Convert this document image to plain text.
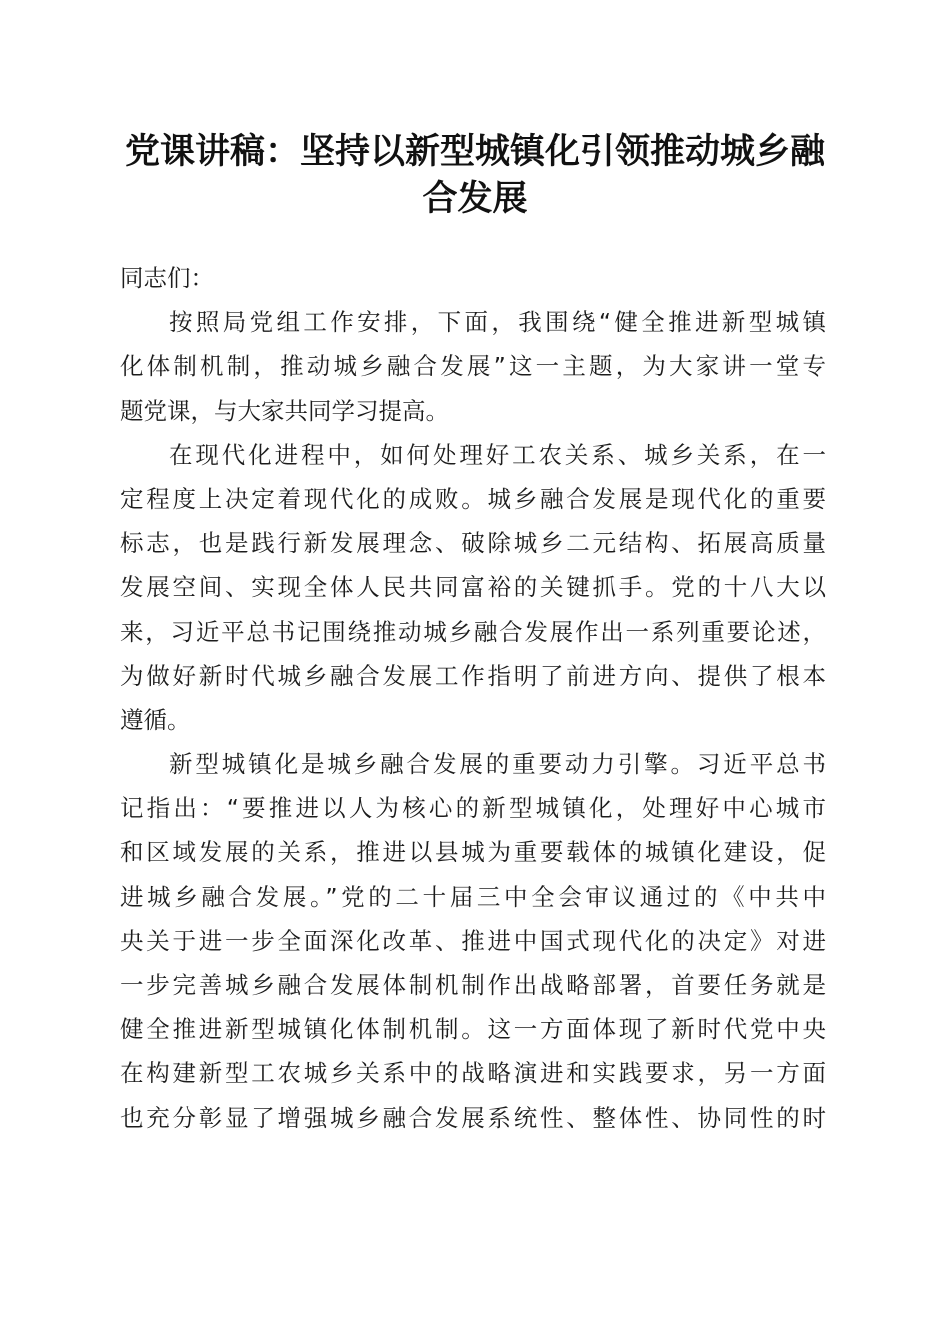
党课讲稿：坚持以新型城镇化引领推动城乡融
合发展

同志们：

按照局党组工作安排，下面，我围绕“健全推进新型城镇
化体制机制，推动城乡融合发展”这一主题，为大家讲一堂专
题党课，与大家共同学习提高。

在现代化进程中，如何处理好工农关系、城乡关系，在一
定程度上决定着现代化的成败。城乡融合发展是现代化的重要
标志，也是践行新发展理念、破除城乡二元结构、拓展高质量
发展空间、实现全体人民共同富裕的关键抓手。党的十八大以
来，习近平总书记围绕推动城乡融合发展作出一系列重要论述，
为做好新时代城乡融合发展工作指明了前进方向、提供了根本
遵循。

新型城镇化是城乡融合发展的重要动力引擎。习近平总书
记指出：“要推进以人为核心的新型城镇化，处理好中心城市
和区域发展的关系，推进以县城为重要载体的城镇化建设，促
进城乡融合发展。”党的二十届三中全会审议通过的《中共中
央关于进一步全面深化改革、推进中国式现代化的决定》对进
一步完善城乡融合发展体制机制作出战略部署，首要任务就是
健全推进新型城镇化体制机制。这一方面体现了新时代党中央
在构建新型工农城乡关系中的战略演进和实践要求，另一方面
也充分彰显了增强城乡融合发展系统性、整体性、协同性的时
